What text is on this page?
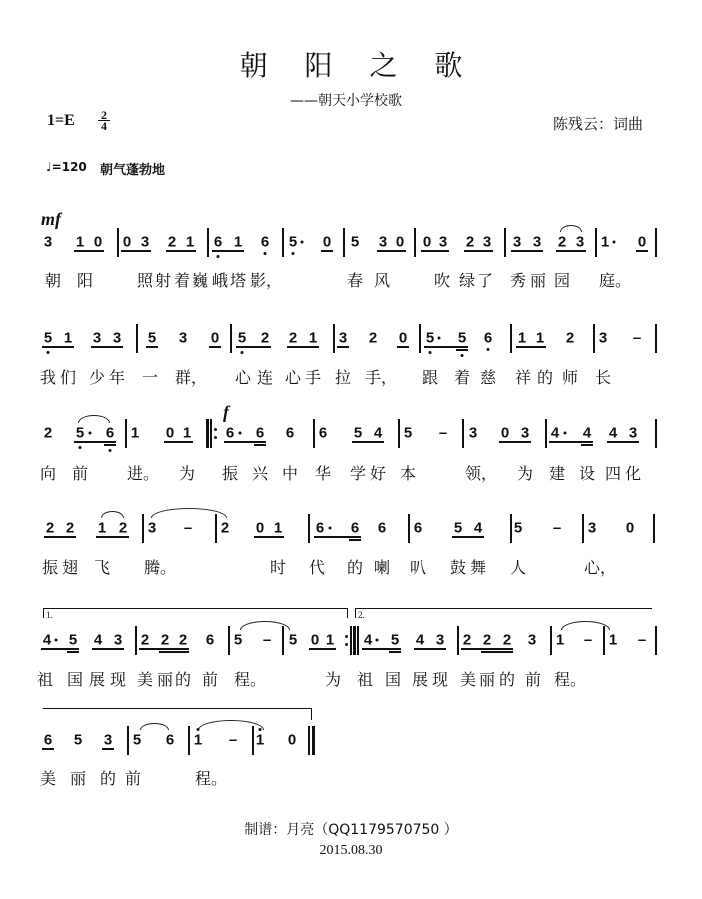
朝 阳 之 歌
——朝天小学校歌
$1=E \frac{2}{4}$	陈残云：词曲
♩=120 朝气蓬勃地
mf
f
1.	2.
3 1 0 0 3 2 1 6 1 6 5 0 5 3 0 0 3 2 3 3 3 2 3 1 0
朝 阳	照 射 着 巍 峨 塔 影，	春 风	吹 绿 了 秀 丽 园 庭。
5 1 3 3 5 3 0 5 2 2 1 3 2 0 5 5 6 1 1 2 3 –
我 们 少 年 一 群， 心 连 心 手 拉 手， 跟 着 慈 祥 的 师 长
2 5 6 1 0 1 6 6 6 6 5 4 5 – 3 0 3 4 4 4 3
向 前 进。 为 振 兴 中 华 学 好 本	领， 为 建 设 四 化
2 2 1 2 3 – 2 0 1 6 6 6 6 5 4 5 – 3 0
振 翅 飞 腾。	时 代 的 喇 叭 鼓 舞 人	心，
4 5 4 3 2 2 2 6 5 – 5 0 1 4 5 4 3 2 2 2 3 1 – 1 –
祖 国 展 现 美 丽 的 前 程。	为 祖 国 展 现 美 丽 的 前 程。
6 5 3 5 6 1 – 1 0
美 丽 的 前	程。
制谱：月亮（QQ1179570750 ）
2015.08.30
